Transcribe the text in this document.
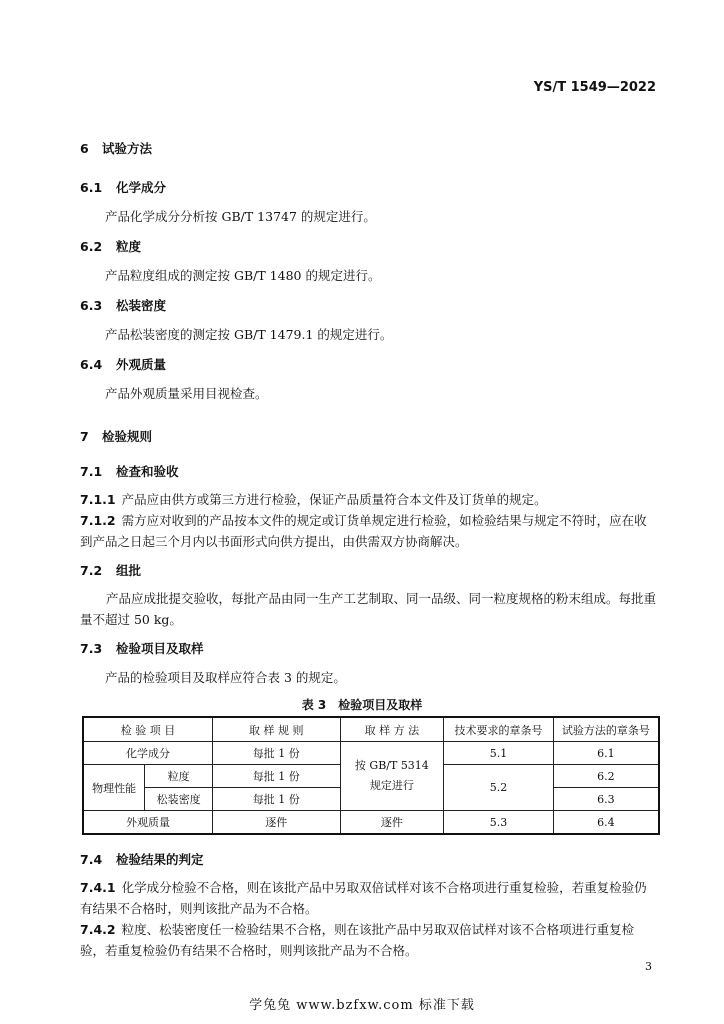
YS/T 1549—2022
6 试验方法
6.1 化学成分
产品化学成分分析按 GB/T 13747 的规定进行。
6.2 粒度
产品粒度组成的测定按 GB/T 1480 的规定进行。
6.3 松装密度
产品松装密度的测定按 GB/T 1479.1 的规定进行。
6.4 外观质量
产品外观质量采用目视检查。
7 检验规则
7.1 检查和验收
7.1.1 产品应由供方或第三方进行检验，保证产品质量符合本文件及订货单的规定。
7.1.2 需方应对收到的产品按本文件的规定或订货单规定进行检验，如检验结果与规定不符时，应在收到产品之日起三个月内以书面形式向供方提出，由供需双方协商解决。
7.2 组批
产品应成批提交验收，每批产品由同一生产工艺制取、同一品级、同一粒度规格的粉末组成。每批重量不超过 50 kg。
7.3 检验项目及取样
产品的检验项目及取样应符合表 3 的规定。
表 3　检验项目及取样
检 验 项 目		取 样 规 则	取 样 方 法	技术要求的章条号	试验方法的章条号
化学成分		每批 1 份	按 GB/T 5314
规定进行	5.1	6.1
物理性能	粒度	每批 1 份		5.2	6.2
	松装密度	每批 1 份			6.3
外观质量		逐件	逐件	5.3	6.4
7.4 检验结果的判定
7.4.1 化学成分检验不合格，则在该批产品中另取双倍试样对该不合格项进行重复检验，若重复检验仍有结果不合格时，则判该批产品为不合格。
7.4.2 粒度、松装密度任一检验结果不合格，则在该批产品中另取双倍试样对该不合格项进行重复检验，若重复检验仍有结果不合格时，则判该批产品为不合格。
3
学兔兔 www.bzfxw.com 标准下载
